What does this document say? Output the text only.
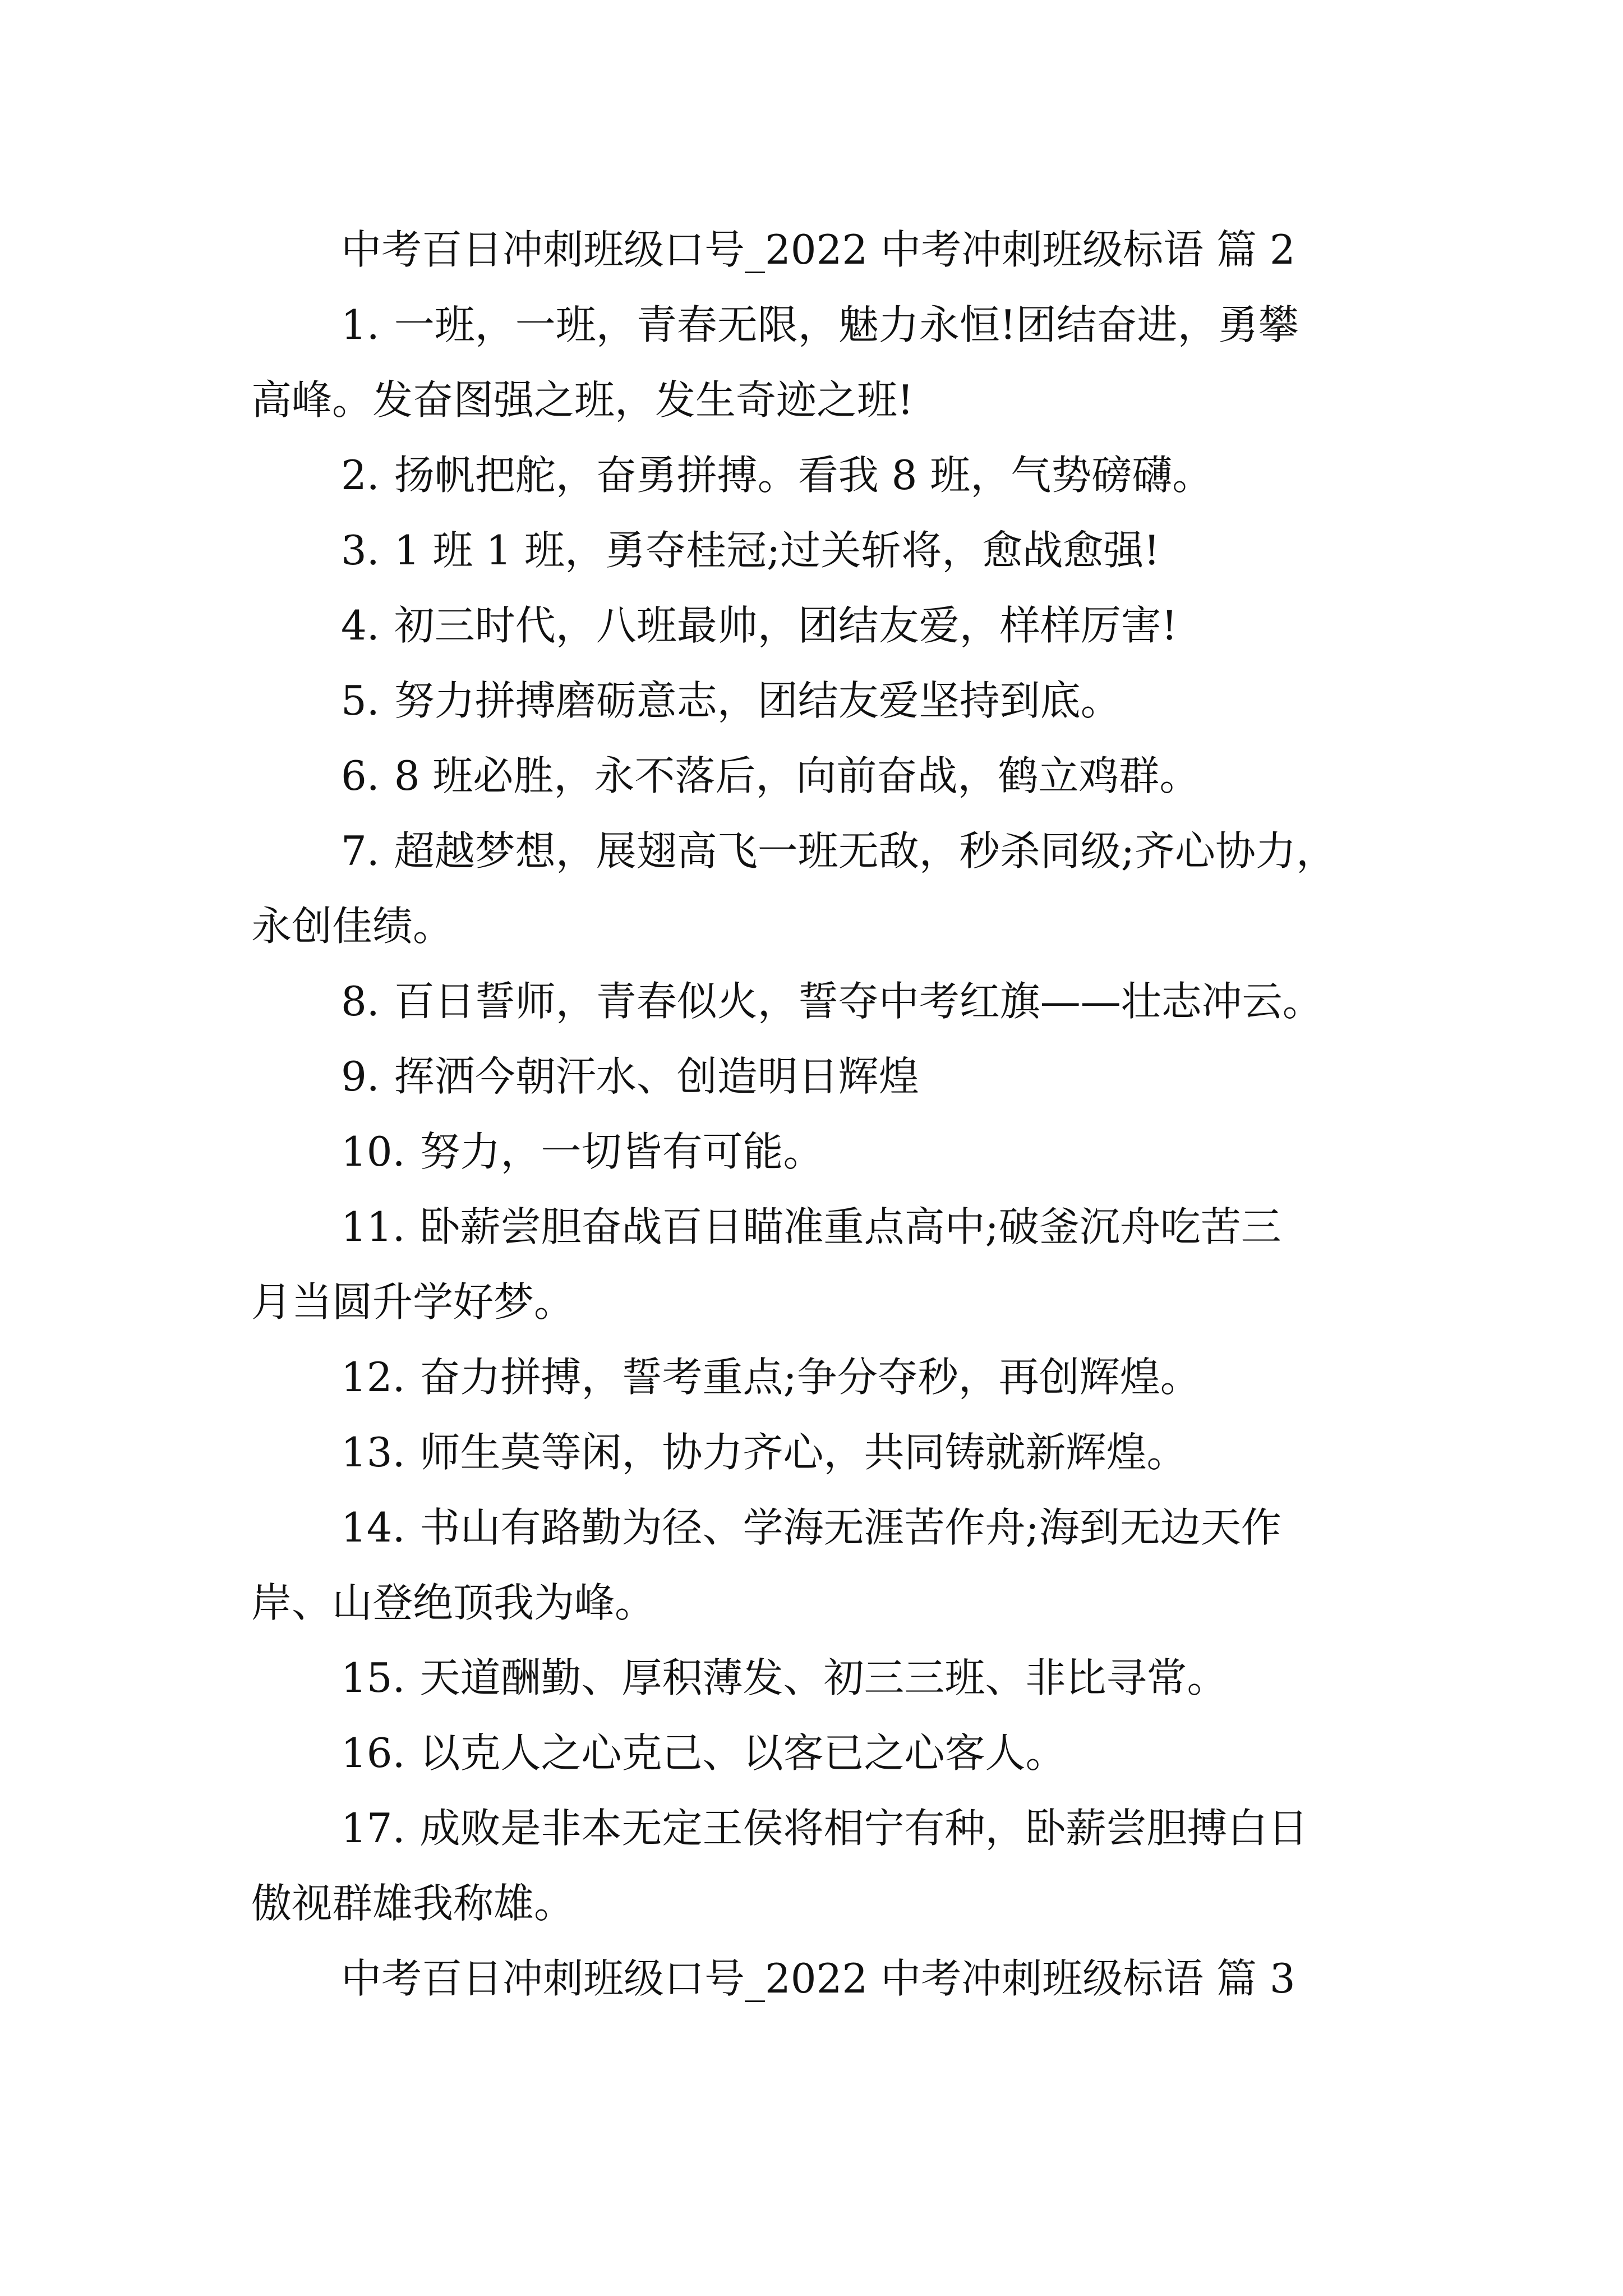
中考百日冲刺班级口号_2022 中考冲刺班级标语 篇 2

1. 一班，一班，青春无限，魅力永恒!团结奋进，勇攀

高峰。发奋图强之班，发生奇迹之班!

2. 扬帆把舵，奋勇拼搏。看我 8 班，气势磅礴。

3. 1 班 1 班，勇夺桂冠;过关斩将，愈战愈强!

4. 初三时代，八班最帅，团结友爱，样样厉害!

5. 努力拼搏磨砺意志，团结友爱坚持到底。

6. 8 班必胜，永不落后，向前奋战，鹤立鸡群。

7. 超越梦想，展翅高飞一班无敌，秒杀同级;齐心协力，

永创佳绩。

8. 百日誓师，青春似火，誓夺中考红旗——壮志冲云。

9. 挥洒今朝汗水、创造明日辉煌

10. 努力，一切皆有可能。

11. 卧薪尝胆奋战百日瞄准重点高中;破釜沉舟吃苦三

月当圆升学好梦。

12. 奋力拼搏，誓考重点;争分夺秒，再创辉煌。

13. 师生莫等闲，协力齐心，共同铸就新辉煌。

14. 书山有路勤为径、学海无涯苦作舟;海到无边天作

岸、山登绝顶我为峰。

15. 天道酬勤、厚积薄发、初三三班、非比寻常。

16. 以克人之心克己、以客已之心客人。

17. 成败是非本无定王侯将相宁有种，卧薪尝胆搏白日

傲视群雄我称雄。

中考百日冲刺班级口号_2022 中考冲刺班级标语 篇 3
